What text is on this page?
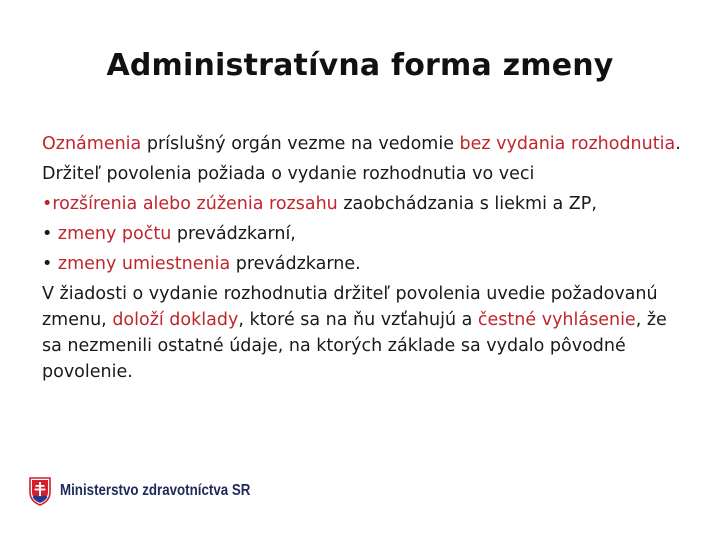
Administratívna forma zmeny

Oznámenia príslušný orgán vezme na vedomie bez vydania rozhodnutia.

Držiteľ povolenia požiada o vydanie rozhodnutia vo veci

•rozšírenia alebo zúženia rozsahu zaobchádzania s liekmi a ZP,

• zmeny počtu prevádzkarní,

• zmeny umiestnenia prevádzkarne.

V žiadosti o vydanie rozhodnutia držiteľ povolenia uvedie požadovanú zmenu, doloží doklady, ktoré sa na ňu vzťahujú a čestné vyhlásenie, že sa nezmenili ostatné údaje, na ktorých základe sa vydalo pôvodné povolenie.

Ministerstvo zdravotníctva SR
